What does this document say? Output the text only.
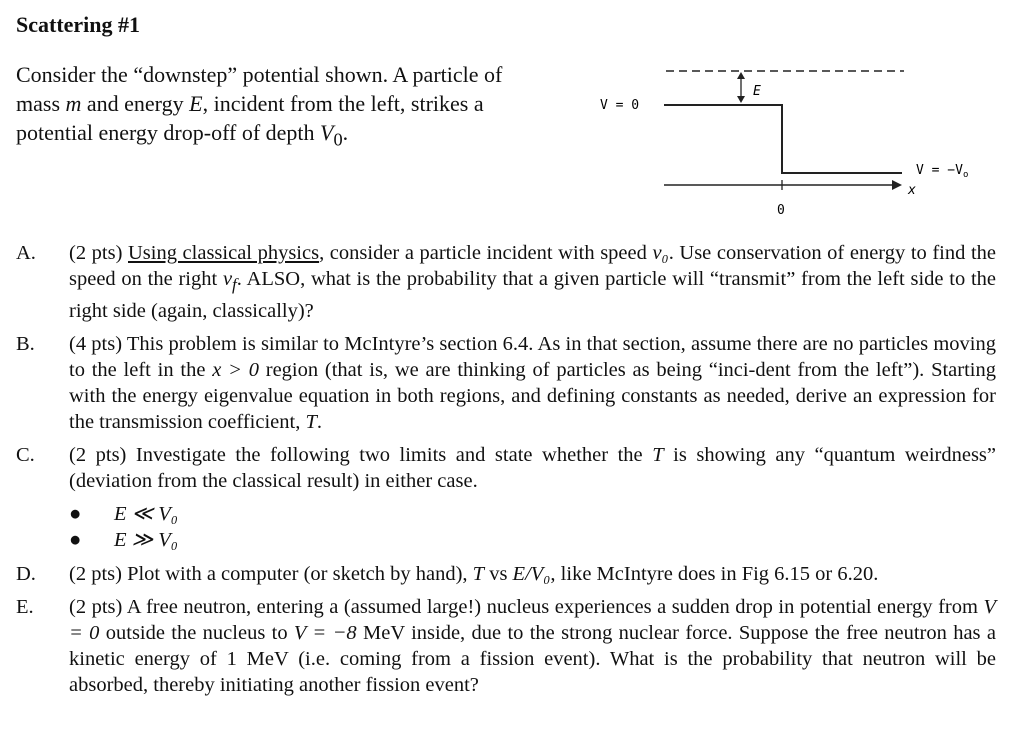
Scattering #1
Consider the “downstep” potential shown. A particle of mass m and energy E, incident from the left, strikes a potential energy drop-off of depth $V_0$.
E
V = 0
$V = -V_o$
x
0
A. (2 pts) Using classical physics, consider a particle incident with speed v₀. Use conservation of energy to find the speed on the right $v_f$. ALSO, what is the probability that a given particle will “transmit” from the left side to the right side (again, classically)?
B. (4 pts) This problem is similar to McIntyre’s section 6.4. As in that section, assume there are no particles moving to the left in the x > 0 region (that is, we are thinking of particles as being “inci-dent from the left”). Starting with the energy eigenvalue equation in both regions, and defining constants as needed, derive an expression for the transmission coefficient, T.
C. (2 pts) Investigate the following two limits and state whether the T is showing any “quantum weirdness” (deviation from the classical result) in either case.
● E ≪ V₀
● E ≫ V₀
D. (2 pts) Plot with a computer (or sketch by hand), T vs E/V₀, like McIntyre does in Fig 6.15 or 6.20.
E. (2 pts) A free neutron, entering a (assumed large!) nucleus experiences a sudden drop in potential energy from V = 0 outside the nucleus to V = −8 MeV inside, due to the strong nuclear force. Suppose the free neutron has a kinetic energy of 1 MeV (i.e. coming from a fission event). What is the probability that neutron will be absorbed, thereby initiating another fission event?
